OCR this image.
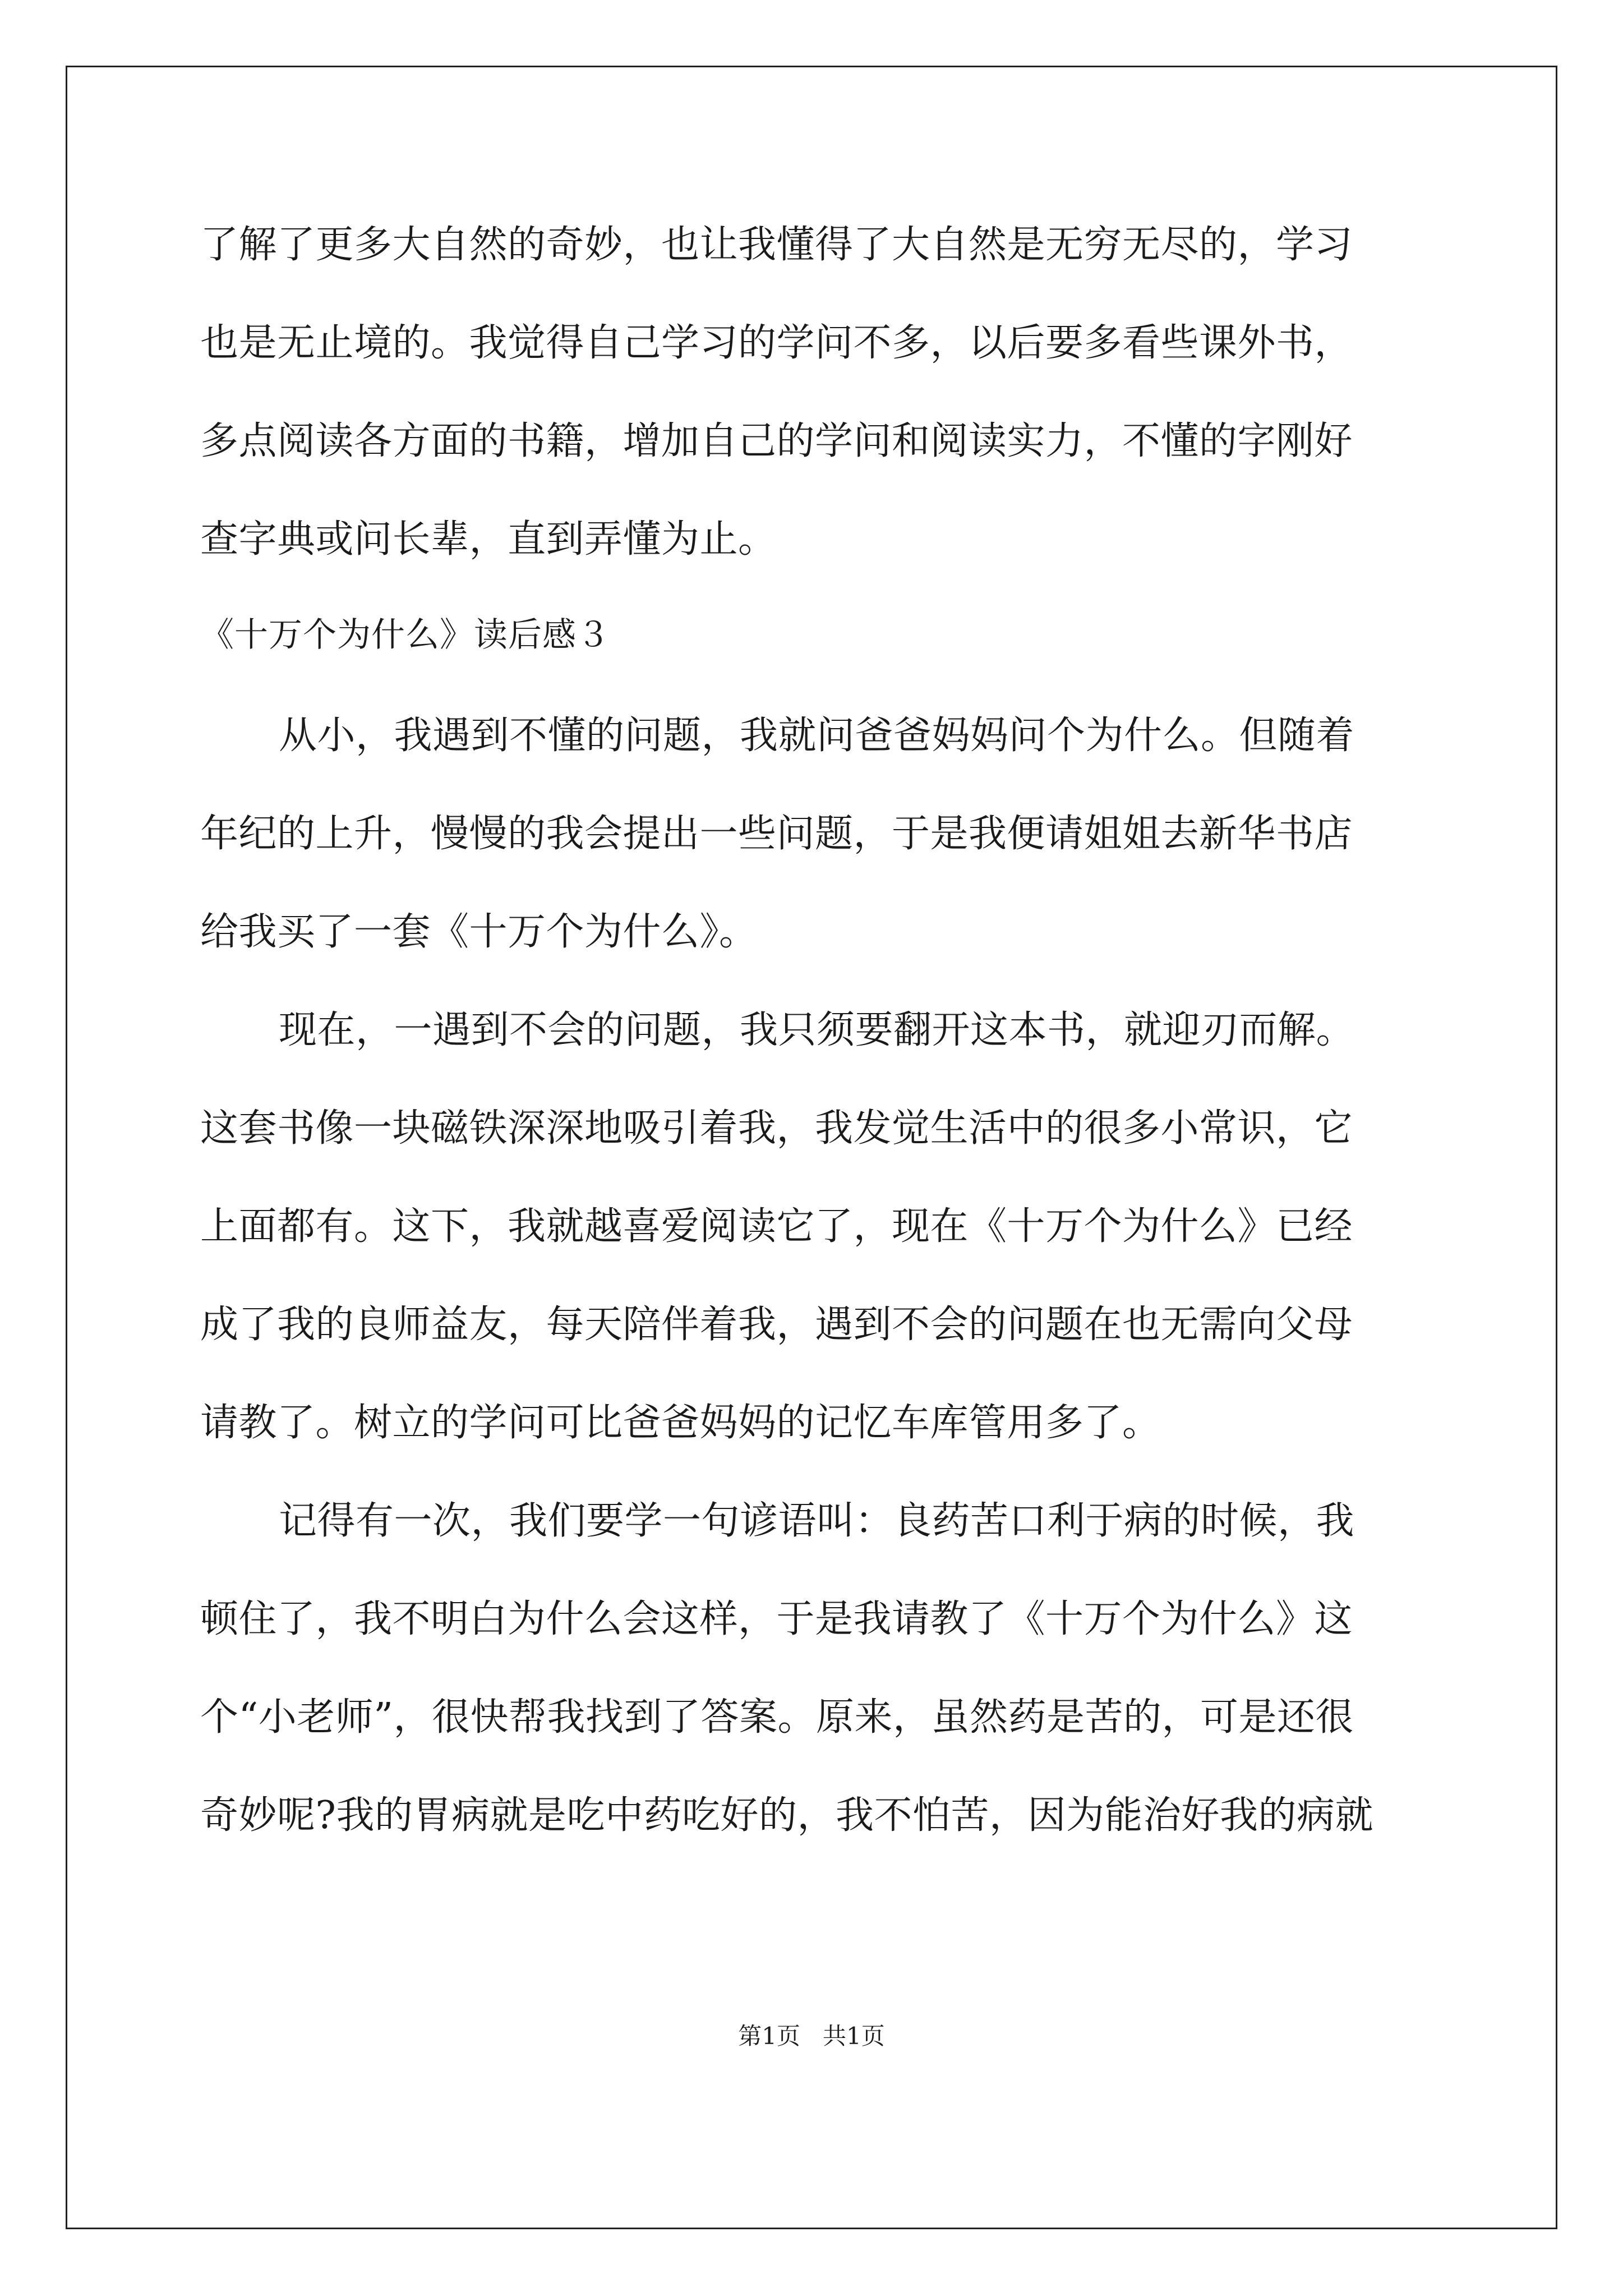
了解了更多大自然的奇妙，也让我懂得了大自然是无穷无尽的，学习
也是无止境的。我觉得自己学习的学问不多，以后要多看些课外书，
多点阅读各方面的书籍，增加自己的学问和阅读实力，不懂的字刚好
查字典或问长辈，直到弄懂为止。
《十万个为什么》读后感３
从小，我遇到不懂的问题，我就问爸爸妈妈问个为什么。但随着
年纪的上升，慢慢的我会提出一些问题，于是我便请姐姐去新华书店
给我买了一套《十万个为什么》。
现在，一遇到不会的问题，我只须要翻开这本书，就迎刃而解。
这套书像一块磁铁深深地吸引着我，我发觉生活中的很多小常识，它
上面都有。这下，我就越喜爱阅读它了，现在《十万个为什么》已经
成了我的良师益友，每天陪伴着我，遇到不会的问题在也无需向父母
请教了。树立的学问可比爸爸妈妈的记忆车库管用多了。
记得有一次，我们要学一句谚语叫：良药苦口利于病的时候，我
顿住了，我不明白为什么会这样，于是我请教了《十万个为什么》这
个“小老师”，很快帮我找到了答案。原来，虽然药是苦的，可是还很
奇妙呢?我的胃病就是吃中药吃好的，我不怕苦，因为能治好我的病就
第1页   共1页
